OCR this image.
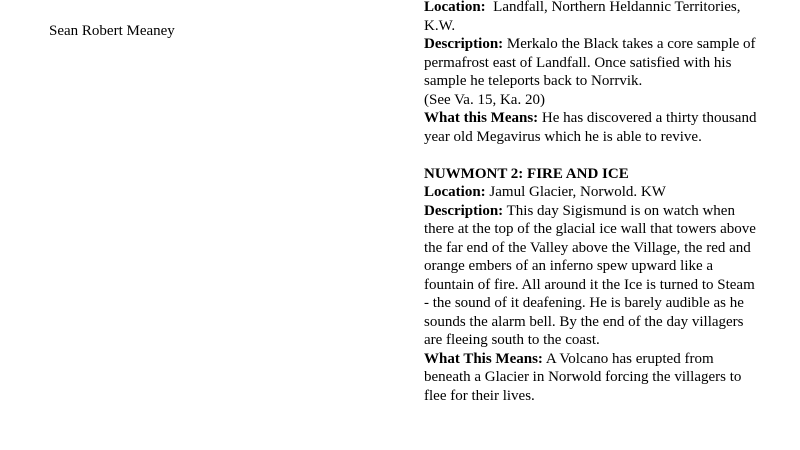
Sean Robert Meaney

Location: Landfall, Northern Heldannic Territories, K.W.

Description: Merkalo the Black takes a core sample of permafrost east of Landfall. Once satisfied with his sample he teleports back to Norrvik.

(See Va. 15, Ka. 20)

What this Means: He has discovered a thirty thousand year old Megavirus which he is able to revive.

NUWMONT 2: FIRE AND ICE

Location: Jamul Glacier, Norwold. KW

Description: This day Sigismund is on watch when there at the top of the glacial ice wall that towers above the far end of the Valley above the Village, the red and orange embers of an inferno spew upward like a fountain of fire. All around it the Ice is turned to Steam - the sound of it deafening. He is barely audible as he sounds the alarm bell. By the end of the day villagers are fleeing south to the coast.

What This Means: A Volcano has erupted from beneath a Glacier in Norwold forcing the villagers to flee for their lives.
